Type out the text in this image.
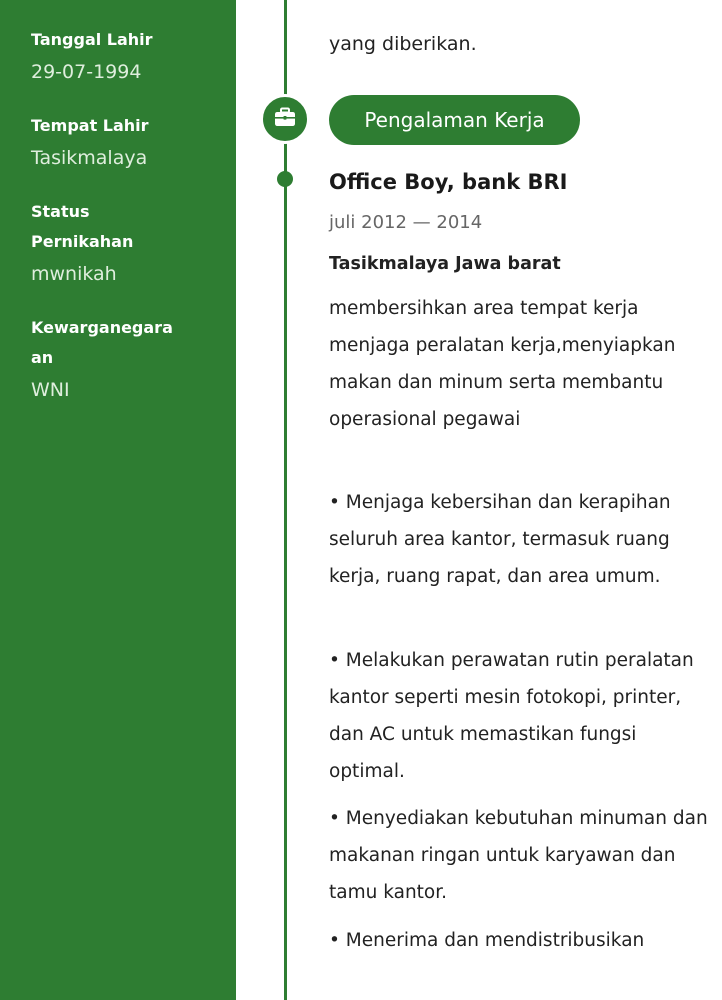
Tanggal Lahir
29-07-1994
Tempat Lahir
Tasikmalaya
Status
Pernikahan
mwnikah
Kewarganegara
an
WNI
yang diberikan.
Pengalaman Kerja
Office Boy, bank BRI
juli 2012 — 2014
Tasikmalaya Jawa barat
membersihkan area tempat kerja menjaga peralatan kerja,menyiapkan makan dan minum serta membantu operasional pegawai
• Menjaga kebersihan dan kerapihan seluruh area kantor, termasuk ruang kerja, ruang rapat, dan area umum.
• Melakukan perawatan rutin peralatan kantor seperti mesin fotokopi, printer, dan AC untuk memastikan fungsi optimal.
• Menyediakan kebutuhan minuman dan makanan ringan untuk karyawan dan tamu kantor.
• Menerima dan mendistribusikan
